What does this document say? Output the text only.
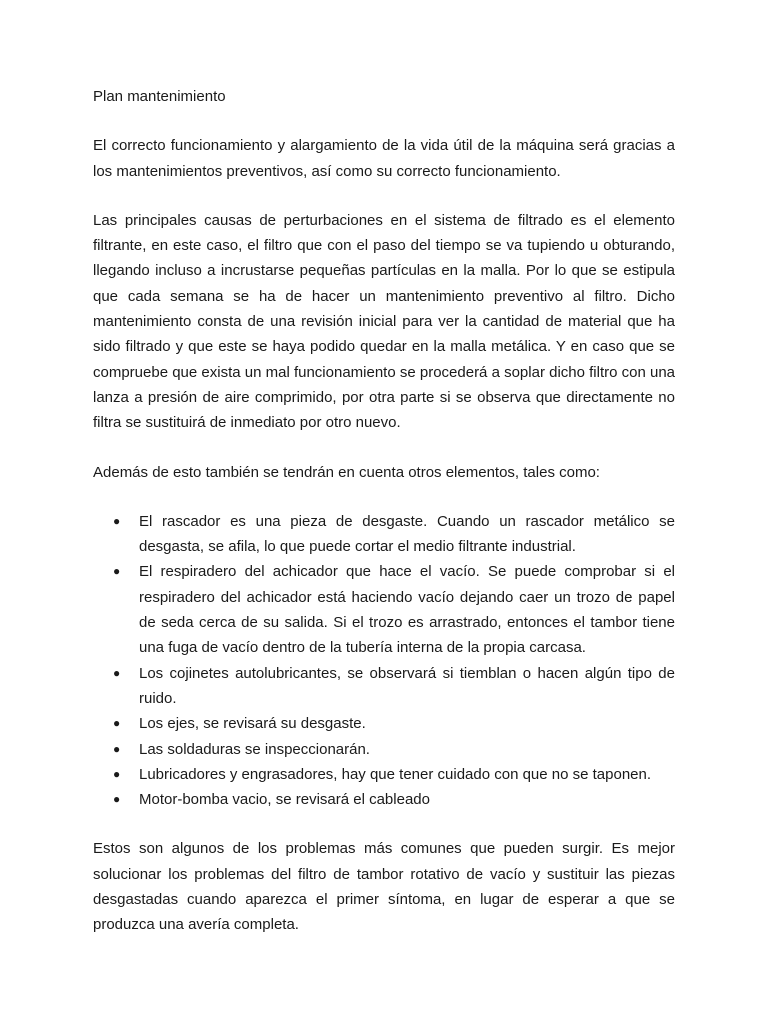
Plan mantenimiento

El correcto funcionamiento y alargamiento de la vida útil de la máquina será gracias a los mantenimientos preventivos, así como su correcto funcionamiento.

Las principales causas de perturbaciones en el sistema de filtrado es el elemento filtrante, en este caso, el filtro que con el paso del tiempo se va tupiendo u obturando, llegando incluso a incrustarse pequeñas partículas en la malla. Por lo que se estipula que cada semana se ha de hacer un mantenimiento preventivo al filtro. Dicho mantenimiento consta de una revisión inicial para ver la cantidad de material que ha sido filtrado y que este se haya podido quedar en la malla metálica. Y en caso que se compruebe que exista un mal funcionamiento se procederá a soplar dicho filtro con una lanza a presión de aire comprimido, por otra parte si se observa que directamente no filtra se sustituirá de inmediato por otro nuevo.

Además de esto también se tendrán en cuenta otros elementos, tales como:

● El rascador es una pieza de desgaste. Cuando un rascador metálico se desgasta, se afila, lo que puede cortar el medio filtrante industrial.
● El respiradero del achicador que hace el vacío. Se puede comprobar si el respiradero del achicador está haciendo vacío dejando caer un trozo de papel de seda cerca de su salida. Si el trozo es arrastrado, entonces el tambor tiene una fuga de vacío dentro de la tubería interna de la propia carcasa.
● Los cojinetes autolubricantes, se observará si tiemblan o hacen algún tipo de ruido.
● Los ejes, se revisará su desgaste.
● Las soldaduras se inspeccionarán.
● Lubricadores y engrasadores, hay que tener cuidado con que no se taponen.
● Motor-bomba vacio, se revisará el cableado

Estos son algunos de los problemas más comunes que pueden surgir. Es mejor solucionar los problemas del filtro de tambor rotativo de vacío y sustituir las piezas desgastadas cuando aparezca el primer síntoma, en lugar de esperar a que se produzca una avería completa.
